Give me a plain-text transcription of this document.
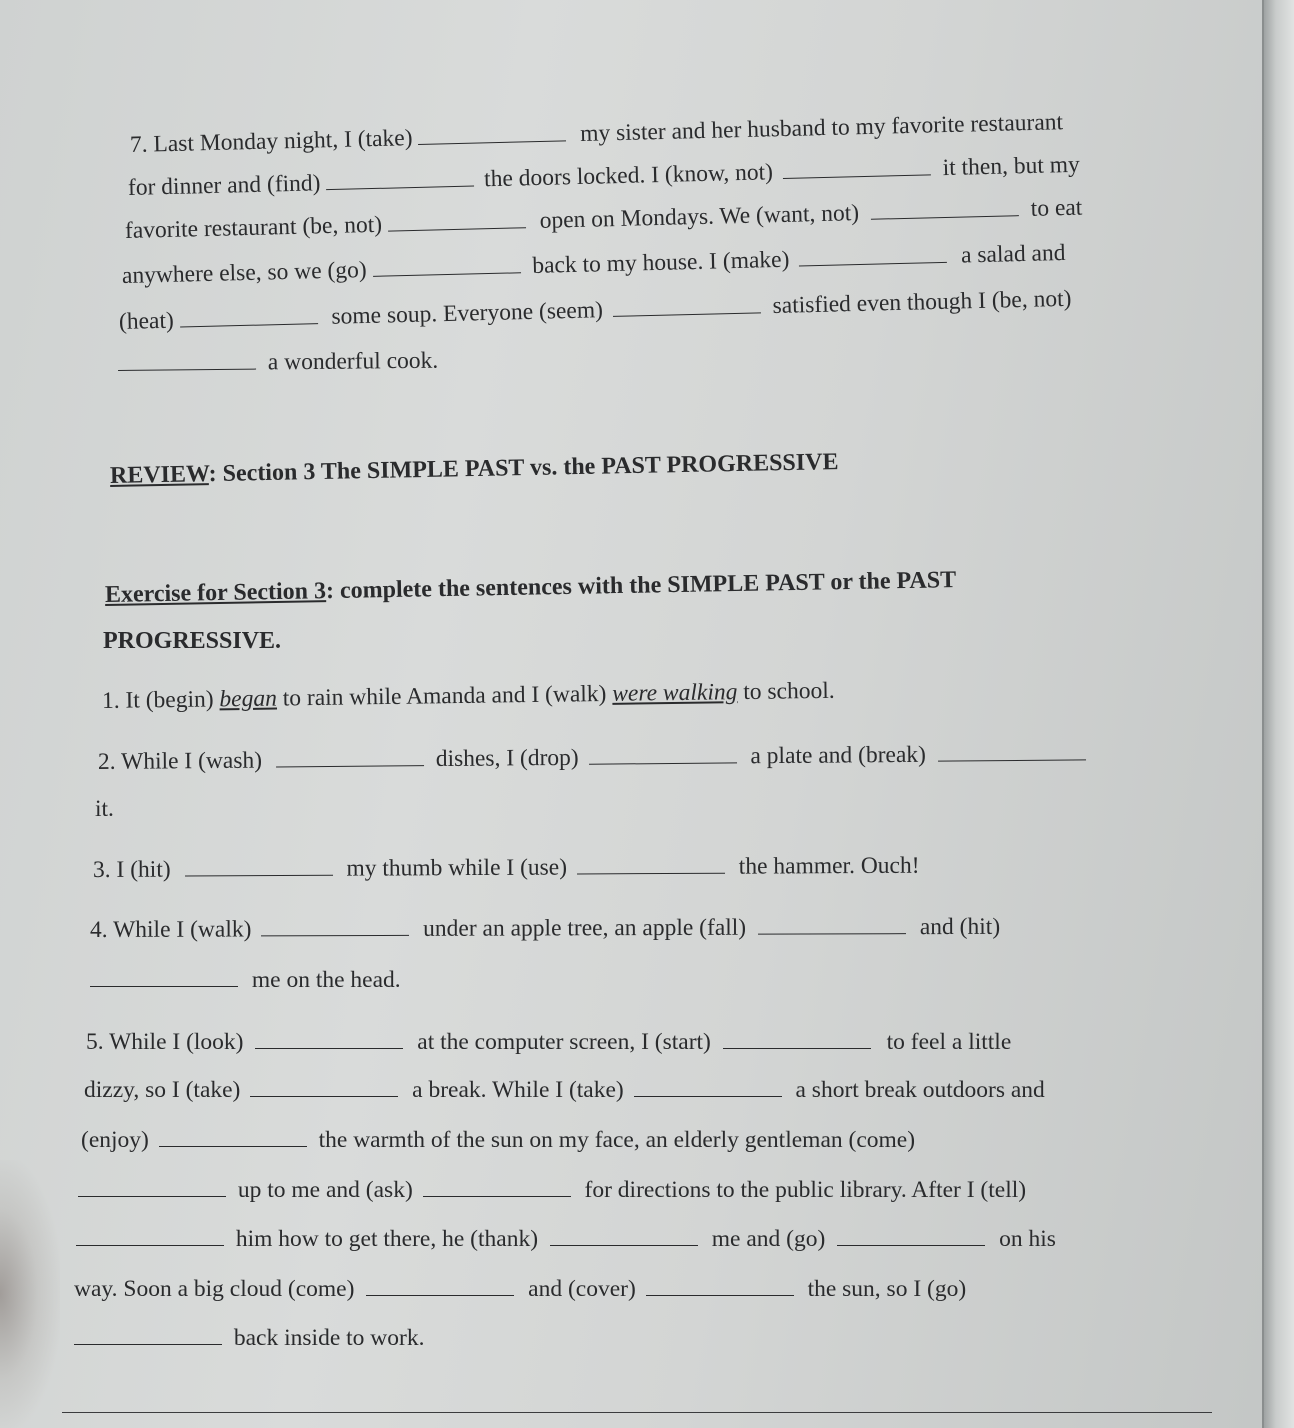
7. Last Monday night, I (take)	my sister and her husband to my favorite restaurant
for dinner and (find)	the doors locked. I (know, not)	it then, but my
favorite restaurant (be, not)	open on Mondays. We (want, not)	to eat
anywhere else, so we (go)	back to my house. I (make)	a salad and
(heat)	some soup. Everyone (seem)	satisfied even though I (be, not)
a wonderful cook.
REVIEW: Section 3 The SIMPLE PAST vs. the PAST PROGRESSIVE
Exercise for Section 3: complete the sentences with the SIMPLE PAST or the PAST
PROGRESSIVE.
1. It (begin) began to rain while Amanda and I (walk) were walking to school.
2. While I (wash)	dishes, I (drop)	a plate and (break)
it.
3. I (hit)	my thumb while I (use)	the hammer. Ouch!
4. While I (walk)	under an apple tree, an apple (fall)	and (hit)
me on the head.
5. While I (look)	at the computer screen, I (start)	to feel a little
dizzy, so I (take)	a break. While I (take)	a short break outdoors and
(enjoy)	the warmth of the sun on my face, an elderly gentleman (come)
up to me and (ask)	for directions to the public library. After I (tell)
him how to get there, he (thank)	me and (go)	on his
way. Soon a big cloud (come)	and (cover)	the sun, so I (go)
back inside to work.
